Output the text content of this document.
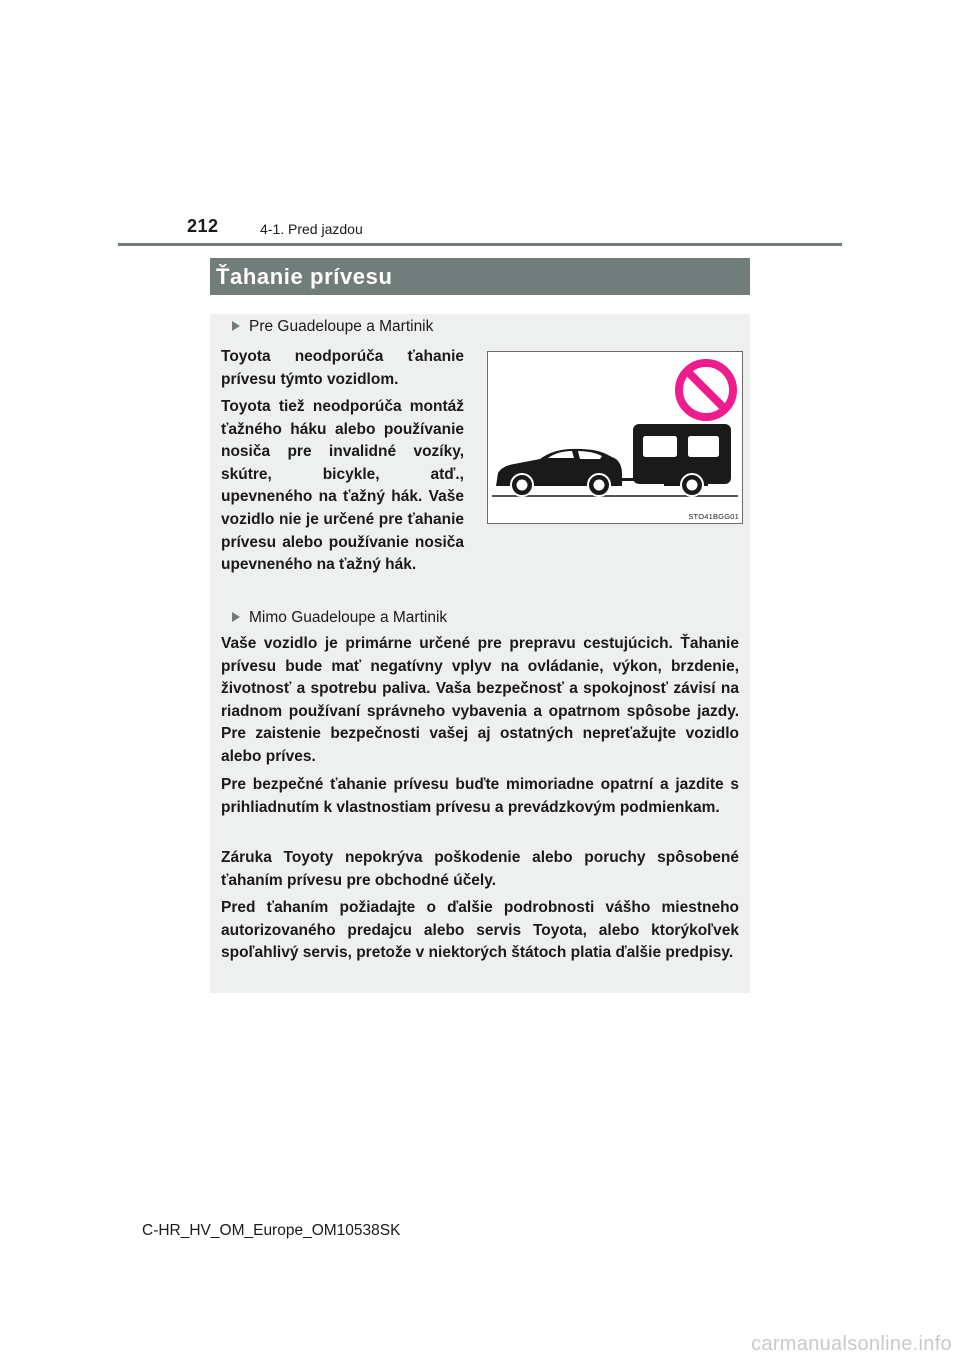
212	4-1. Pred jazdou
Ťahanie prívesu
Pre Guadeloupe a Martinik

Toyota neodporúča ťahanie prívesu týmto vozidlom.

Toyota tiež neodporúča montáž ťažného háku alebo používanie nosiča pre invalidné vozíky, skútre, bicykle, atď., upevneného na ťažný hák. Vaše vozidlo nie je určené pre ťahanie prívesu alebo používanie nosiča upevneného na ťažný hák.

STO41BGG01
Mimo Guadeloupe a Martinik

Vaše vozidlo je primárne určené pre prepravu cestujúcich. Ťahanie prívesu bude mať negatívny vplyv na ovládanie, výkon, brzdenie, životnosť a spotrebu paliva. Vaša bezpečnosť a spokojnosť závisí na riadnom používaní správneho vybavenia a opatrnom spôsobe jazdy. Pre zaistenie bezpečnosti vašej aj ostatných nepreťažujte vozidlo alebo príves.

Pre bezpečné ťahanie prívesu buďte mimoriadne opatrní a jazdite s prihliadnutím k vlastnostiam prívesu a prevádzkovým podmienkam.

Záruka Toyoty nepokrýva poškodenie alebo poruchy spôsobené ťahaním prívesu pre obchodné účely.

Pred ťahaním požiadajte o ďalšie podrobnosti vášho miestneho autorizovaného predajcu alebo servis Toyota, alebo ktorýkoľvek spoľahlivý servis, pretože v niektorých štátoch platia ďalšie predpisy.

C-HR_HV_OM_Europe_OM10538SK
carmanualsonline.info
